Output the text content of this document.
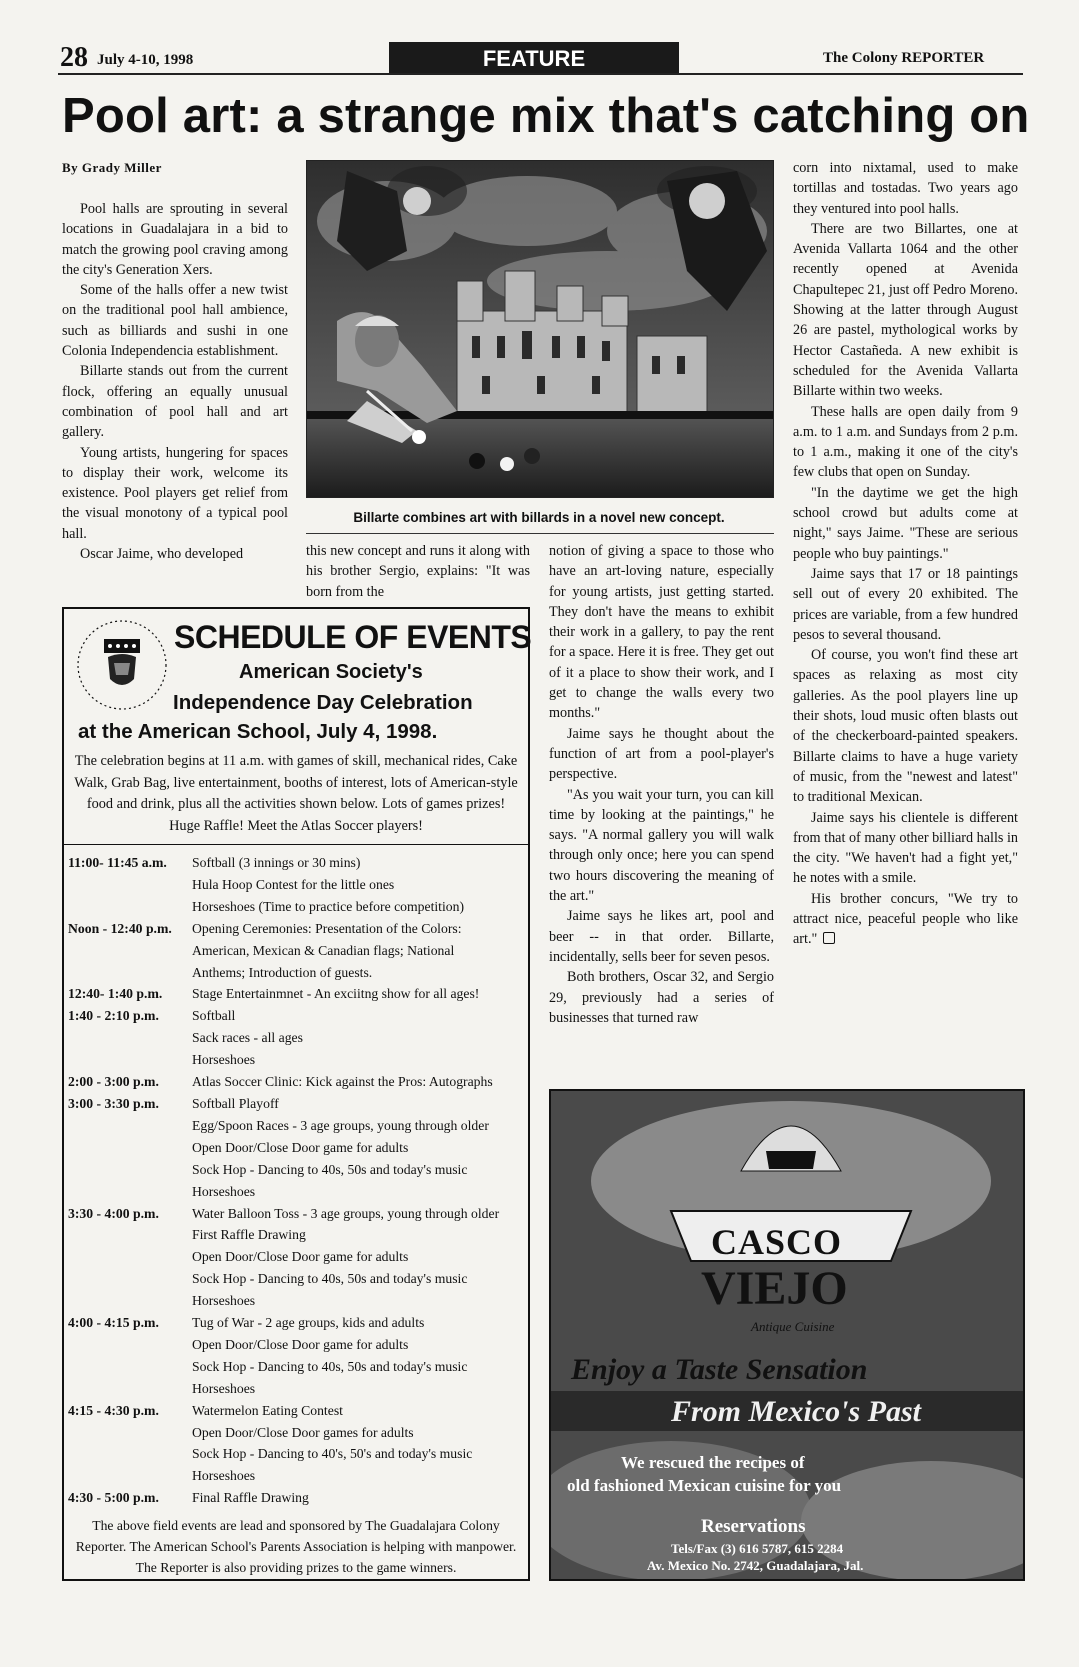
28 July 4-10, 1998	FEATURE	The Colony REPORTER
Pool art: a strange mix that's catching on
By Grady Miller

Pool halls are sprouting in several locations in Guadalajara in a bid to match the growing pool craving among the city's Generation Xers.

Some of the halls offer a new twist on the traditional pool hall ambience, such as billiards and sushi in one Colonia Independencia establishment.

Billarte stands out from the current flock, offering an equally unusual combination of pool hall and art gallery.

Young artists, hungering for spaces to display their work, welcome its existence. Pool players get relief from the visual monotony of a typical pool hall.

Oscar Jaime, who developed	this new concept and runs it along with his brother Sergio, explains: "It was born from the

notion of giving a space to those who have an art-loving nature, especially for young artists, just getting started. They don't have the means to exhibit their work in a gallery, to pay the rent for a space. Here it is free. They get out of it a place to show their work, and I get to change the walls every two months."

Jaime says he thought about the function of art from a pool-player's perspective.

"As you wait your turn, you can kill time by looking at the paintings," he says. "A normal gallery you will walk through only once; here you can spend two hours discovering the meaning of the art."

Jaime says he likes art, pool and beer -- in that order. Billarte, incidentally, sells beer for seven pesos.

Both brothers, Oscar 32, and Sergio 29, previously had a series of businesses that turned raw

corn into nixtamal, used to make tortillas and tostadas. Two years ago they ventured into pool halls.

There are two Billartes, one at Avenida Vallarta 1064 and the other recently opened at Avenida Chapultepec 21, just off Pedro Moreno. Showing at the latter through August 26 are pastel, mythological works by Hector Castañeda. A new exhibit is scheduled for the Avenida Vallarta Billarte within two weeks.

These halls are open daily from 9 a.m. to 1 a.m. and Sundays from 2 p.m. to 1 a.m., making it one of the city's few clubs that open on Sunday.

"In the daytime we get the high school crowd but adults come at night," says Jaime. "These are serious people who buy paintings."

Jaime says that 17 or 18 paintings sell out of every 20 exhibited. The prices are variable, from a few hundred pesos to several thousand.

Of course, you won't find these art spaces as relaxing as most city galleries. As the pool players line up their shots, loud music often blasts out of the checkerboard-painted speakers. Billarte claims to have a huge variety of music, from the "newest and latest" to traditional Mexican.

Jaime says his clientele is different from that of many other billiard halls in the city. "We haven't had a fight yet," he notes with a smile.

His brother concurs, "We try to attract nice, peaceful people who like art."

Billarte combines art with billards in a novel new concept.
SCHEDULE OF EVENTS
American Society's
Independence Day Celebration
at the American School, July 4, 1998.
The celebration begins at 11 a.m. with games of skill, mechanical rides, Cake Walk, Grab Bag, live entertainment, booths of interest, lots of American-style food and drink, plus all the activities shown below. Lots of games prizes! Huge Raffle! Meet the Atlas Soccer players!
11:00- 11:45 a.m.	Softball (3 innings or 30 mins)
Hula Hoop Contest for the little ones
Horseshoes (Time to practice before competition)
Noon - 12:40 p.m.	Opening Ceremonies: Presentation of the Colors:
American, Mexican & Canadian flags; National
Anthems; Introduction of guests.
12:40- 1:40 p.m.	Stage Entertainmnet - An exciitng show for all ages!
1:40 - 2:10 p.m.	Softball
Sack races - all ages
Horseshoes
2:00 - 3:00 p.m.	Atlas Soccer Clinic: Kick against the Pros: Autographs
3:00 - 3:30 p.m.	Softball Playoff
Egg/Spoon Races - 3 age groups, young through older
Open Door/Close Door game for adults
Sock Hop - Dancing to 40s, 50s and today's music
Horseshoes
3:30 - 4:00 p.m.	Water Balloon Toss - 3 age groups, young through older
First Raffle Drawing
Open Door/Close Door game for adults
Sock Hop - Dancing to 40s, 50s and today's music
Horseshoes
4:00 - 4:15 p.m.	Tug of War - 2 age groups, kids and adults
Open Door/Close Door game for adults
Sock Hop - Dancing to 40s, 50s and today's music
Horseshoes
4:15 - 4:30 p.m.	Watermelon Eating Contest
Open Door/Close Door games for adults
Sock Hop - Dancing to 40's, 50's and today's music
Horseshoes
4:30 - 5:00 p.m.	Final Raffle Drawing
The above field events are lead and sponsored by The Guadalajara Colony Reporter. The American School's Parents Association is helping with manpower. The Reporter is also providing prizes to the game winners.
CASCO
VIEJO
Antique Cuisine
Enjoy a Taste Sensation
From Mexico's Past
We rescued the recipes of
old fashioned Mexican cuisine for you
Reservations
Tels/Fax (3) 616 5787, 615 2284
Av. Mexico No. 2742, Guadalajara, Jal.
